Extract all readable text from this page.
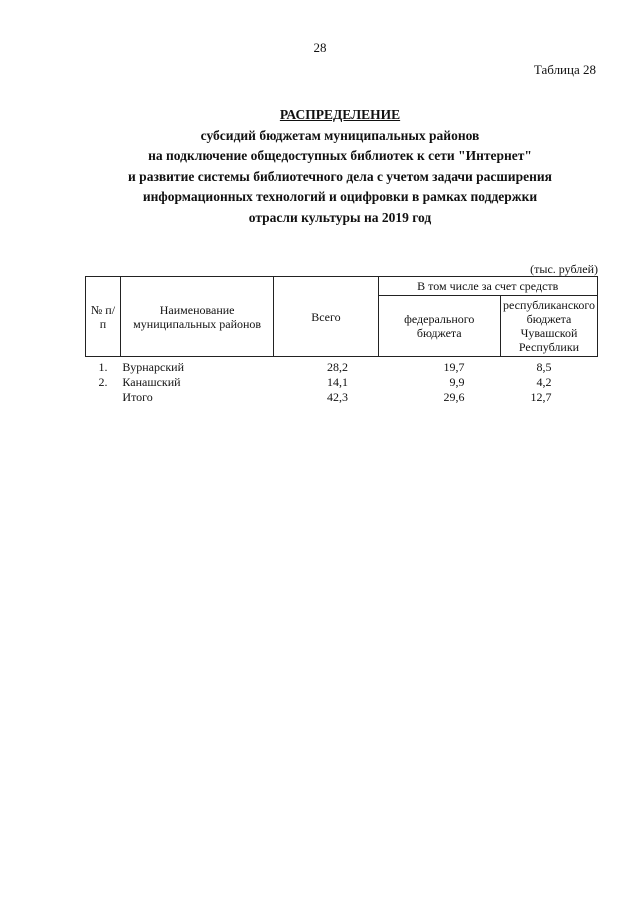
28
Таблица 28
РАСПРЕДЕЛЕНИЕ
субсидий бюджетам муниципальных районов
на подключение общедоступных библиотек к сети "Интернет"
и развитие системы библиотечного дела с учетом задачи расширения
информационных технологий и оцифровки в рамках поддержки
отрасли культуры на 2019 год
(тыс. рублей)
№ п/п	Наименование муниципальных районов	Всего	В том числе за счет средств	
			федерального бюджета	республиканского бюджета Чувашской Республики
1.	Вурнарский	28,2	19,7	8,5
2.	Канашский	14,1	9,9	4,2
	Итого	42,3	29,6	12,7
